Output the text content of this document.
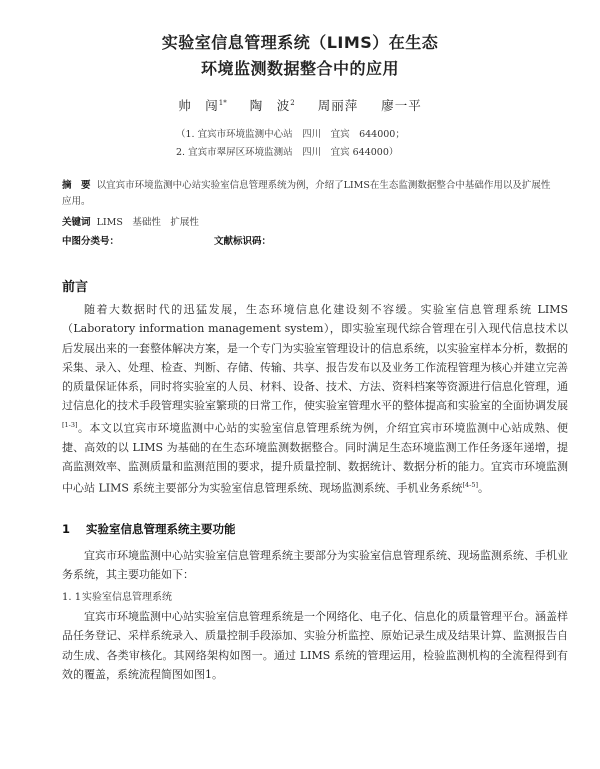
实验室信息管理系统（LIMS）在生态
环境监测数据整合中的应用
帅　闯$^{1*}$ 陶　波$^2$ 周丽萍 廖一平
（1. 宜宾市环境监测中心站　四川　宜宾　644000；
2. 宜宾市翠屏区环境监测站　四川　宜宾 644000）
摘　要 以宜宾市环境监测中心站实验室信息管理系统为例，介绍了LIMS在生态监测数据整合中基础作用以及扩展性应用。
关键词 LIMS　基础性　扩展性
中图分类号：	文献标识码：
前言
随着大数据时代的迅猛发展，生态环境信息化建设刻不容缓。实验室信息管理系统 LIMS（Laboratory information management system），即实验室现代综合管理在引入现代信息技术以后发展出来的一套整体解决方案，是一个专门为实验室管理设计的信息系统，以实验室样本分析，数据的采集、录入、处理、检查、判断、存储、传输、共享、报告发布以及业务工作流程管理为核心并建立完善的质量保证体系，同时将实验室的人员、材料、设备、技术、方法、资料档案等资源进行信息化管理，通过信息化的技术手段管理实验室繁琐的日常工作，使实验室管理水平的整体提高和实验室的全面协调发展[1-3]。本文以宜宾市环境监测中心站的实验室信息管理系统为例，介绍宜宾市环境监测中心站成熟、便捷、高效的以 LIMS 为基础的在生态环境监测数据整合。同时满足生态环境监测工作任务逐年递增，提高监测效率、监测质量和监测范围的要求，提升质量控制、数据统计、数据分析的能力。宜宾市环境监测中心站 LIMS 系统主要部分为实验室信息管理系统、现场监测系统、手机业务系统[4-5]。
1 实验室信息管理系统主要功能
宜宾市环境监测中心站实验室信息管理系统主要部分为实验室信息管理系统、现场监测系统、手机业务系统，其主要功能如下：
1. 1实验室信息管理系统
宜宾市环境监测中心站实验室信息管理系统是一个网络化、电子化、信息化的质量管理平台。涵盖样品任务登记、采样系统录入、质量控制手段添加、实验分析监控、原始记录生成及结果计算、监测报告自动生成、各类审核化。其网络架构如图一。通过 LIMS 系统的管理运用，检验监测机构的全流程得到有效的覆盖，系统流程简图如图1。
